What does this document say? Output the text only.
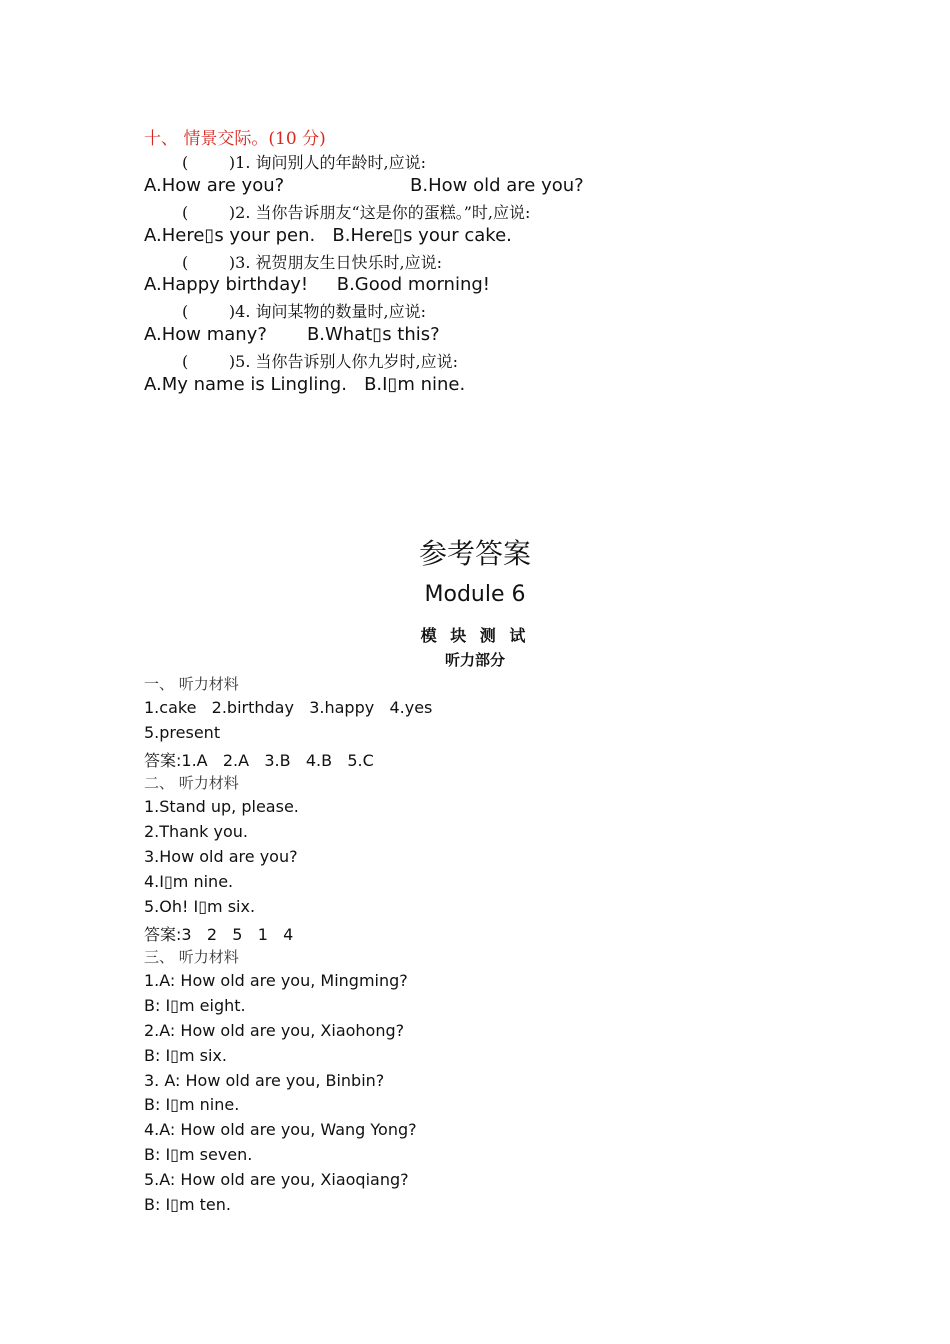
十、 情景交际。(10 分)
(        )1. 询问别人的年龄时,应说:
A.How are you?                      B.How old are you?
(        )2. 当你告诉朋友“这是你的蛋糕。”时,应说:
A.Here▯s your pen.   B.Here▯s your cake.
(        )3. 祝贺朋友生日快乐时,应说:
A.Happy birthday!     B.Good morning!
(        )4. 询问某物的数量时,应说:
A.How many?       B.What▯s this?
(        )5. 当你告诉别人你九岁时,应说:
A.My name is Lingling.   B.I▯m nine.
参考答案
Module 6
模 块 测 试
听力部分
一、 听力材料
1.cake   2.birthday   3.happy   4.yes
5.present
答案:1.A   2.A   3.B   4.B   5.C
二、 听力材料
1.Stand up, please.
2.Thank you.
3.How old are you?
4.I▯m nine.
5.Oh! I▯m six.
答案:3   2   5   1   4
三、 听力材料
1.A: How old are you, Mingming?
B: I▯m eight.
2.A: How old are you, Xiaohong?
B: I▯m six.
3. A: How old are you, Binbin?
B: I▯m nine.
4.A: How old are you, Wang Yong?
B: I▯m seven.
5.A: How old are you, Xiaoqiang?
B: I▯m ten.
